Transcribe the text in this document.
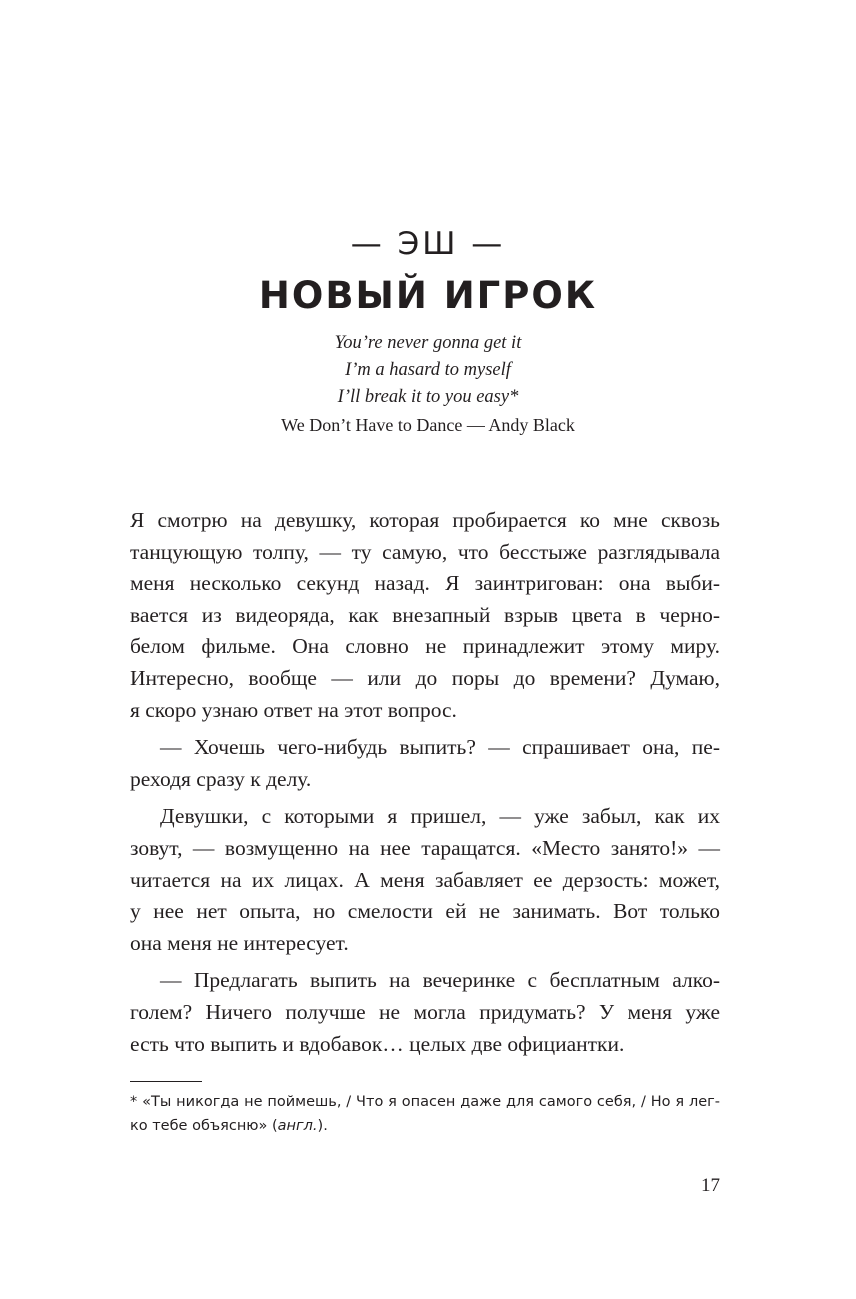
— ЭШ —
НОВЫЙ ИГРОК
You’re never gonna get it
I’m a hasard to myself
I’ll break it to you easy*
We Don’t Have to Dance — Andy Black
Я смотрю на девушку, которая пробирается ко мне сквозь
танцующую толпу, — ту самую, что бесстыже разглядывала
меня несколько секунд назад. Я заинтригован: она выби-
вается из видеоряда, как внезапный взрыв цвета в черно-
белом фильме. Она словно не принадлежит этому миру.
Интересно, вообще — или до поры до времени? Думаю,
я скоро узнаю ответ на этот вопрос.
— Хочешь чего-нибудь выпить? — спрашивает она, пе-
реходя сразу к делу.
Девушки, с которыми я пришел, — уже забыл, как их
зовут, — возмущенно на нее таращатся. «Место занято!» —
читается на их лицах. А меня забавляет ее дерзость: может,
у нее нет опыта, но смелости ей не занимать. Вот только
она меня не интересует.
— Предлагать выпить на вечеринке с бесплатным алко-
голем? Ничего получше не могла придумать? У меня уже
есть что выпить и вдобавок… целых две официантки.
* «Ты никогда не поймешь, / Что я опасен даже для самого себя, / Но я лег-
ко тебе объясню» (англ.).
17
